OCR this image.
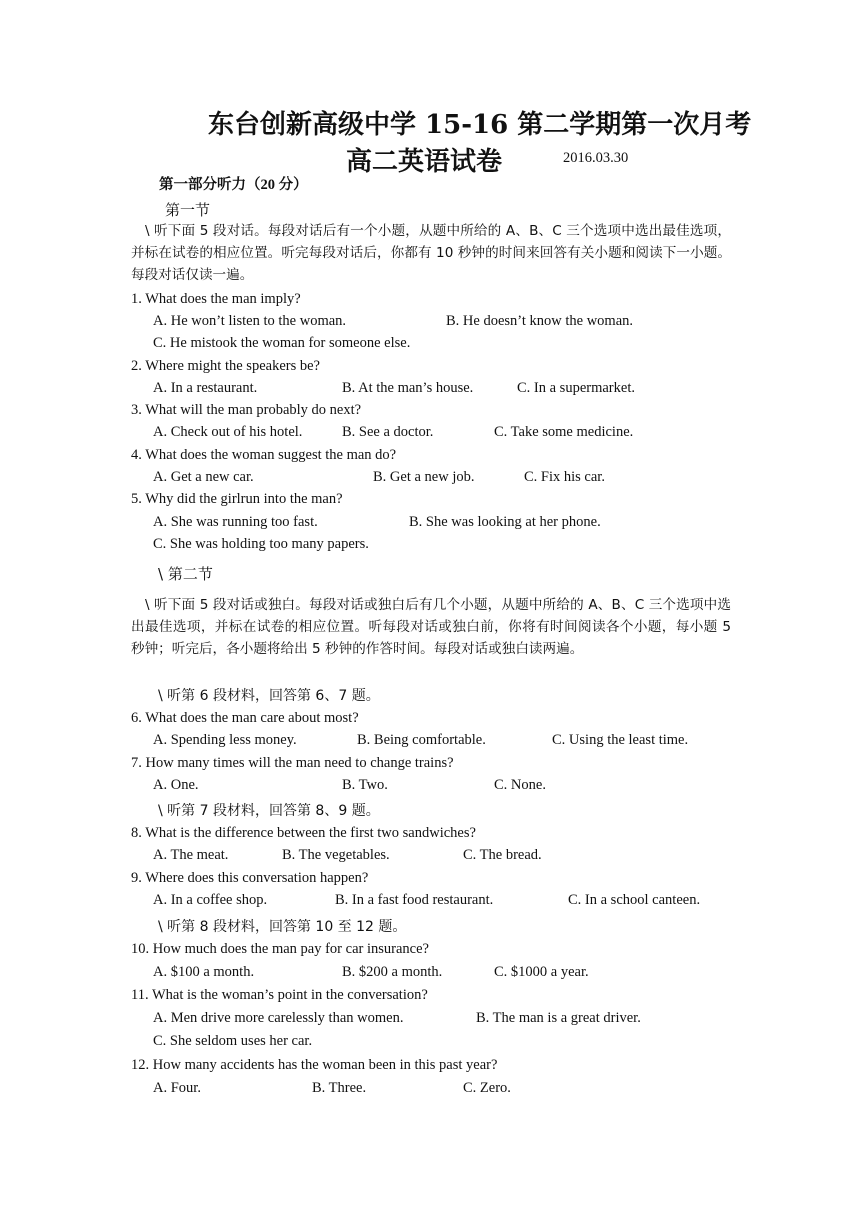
东台创新高级中学 15-16 第二学期第一次月考
高二英语试卷	2016.03.30
第一部分听力（20 分）
第一节
\ 听下面 5 段对话。每段对话后有一个小题，从题中所给的 A、B、C 三个选项中选出最佳选项，并标在试卷的相应位置。听完每段对话后，你都有 10 秒钟的时间来回答有关小题和阅读下一小题。每段对话仅读一遍。
1. What does the man imply?
A. He won’t listen to the woman.	B. He doesn’t know the woman.
C. He mistook the woman for someone else.
2. Where might the speakers be?
A. In a restaurant.	B. At the man’s house.	C. In a supermarket.
3. What will the man probably do next?
A. Check out of his hotel.	B. See a doctor.	C. Take some medicine.
4. What does the woman suggest the man do?
A. Get a new car.	B. Get a new job.	C. Fix his car.
5. Why did the girlrun into the man?
A. She was running too fast.	B. She was looking at her phone.
C. She was holding too many papers.
\ 第二节
\ 听下面 5 段对话或独白。每段对话或独白后有几个小题，从题中所给的 A、B、C 三个选项中选出最佳选项，并标在试卷的相应位置。听每段对话或独白前，你将有时间阅读各个小题，每小题 5 秒钟；听完后，各小题将给出 5 秒钟的作答时间。每段对话或独白读两遍。
\ 听第 6 段材料，回答第 6、7 题。
6. What does the man care about most?
A. Spending less money.	B. Being comfortable.	C. Using the least time.
7. How many times will the man need to change trains?
A. One.	B. Two.	C. None.
\ 听第 7 段材料，回答第 8、9 题。
8. What is the difference between the first two sandwiches?
A. The meat.	B. The vegetables.	C. The bread.
9. Where does this conversation happen?
A. In a coffee shop.	B. In a fast food restaurant.	C. In a school canteen.
\ 听第 8 段材料，回答第 10 至 12 题。
10. How much does the man pay for car insurance?
A. $100 a month.	B. $200 a month.	C. $1000 a year.
11. What is the woman’s point in the conversation?
A. Men drive more carelessly than women.	B. The man is a great driver.
C. She seldom uses her car.
12. How many accidents has the woman been in this past year?
A. Four.	B. Three.	C. Zero.
